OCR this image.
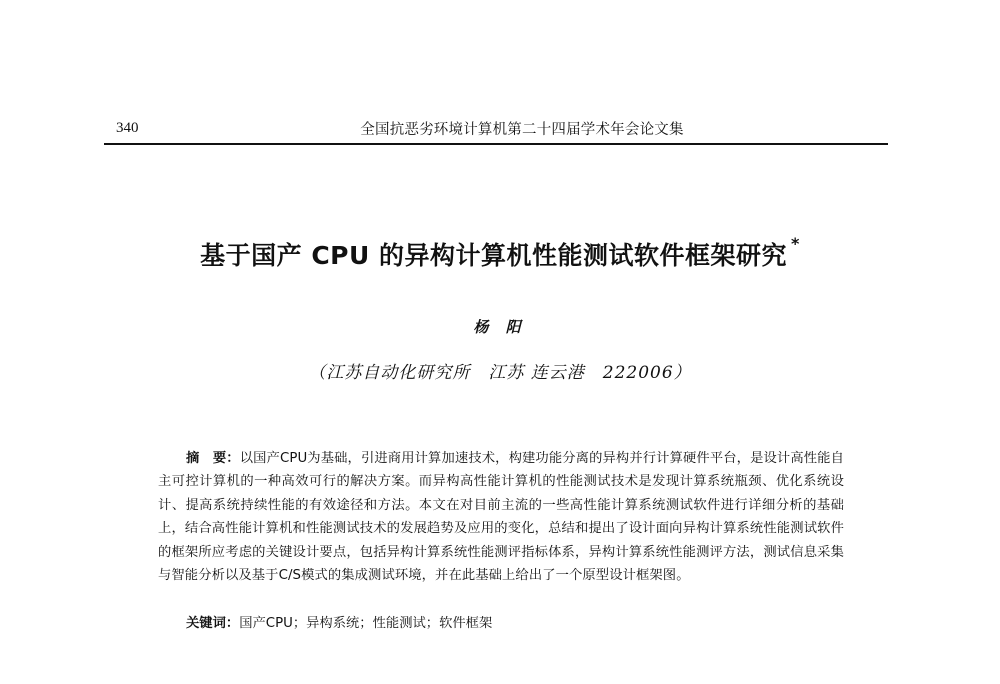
340	全国抗恶劣环境计算机第二十四届学术年会论文集
基于国产 CPU 的异构计算机性能测试软件框架研究 *
杨 阳
（江苏自动化研究所　江苏 连云港　222006）
摘　要：以国产CPU为基础，引进商用计算加速技术，构建功能分离的异构并行计算硬件平台，是设计高性能自主可控计算机的一种高效可行的解决方案。而异构高性能计算机的性能测试技术是发现计算系统瓶颈、优化系统设计、提高系统持续性能的有效途径和方法。本文在对目前主流的一些高性能计算系统测试软件进行详细分析的基础上，结合高性能计算机和性能测试技术的发展趋势及应用的变化，总结和提出了设计面向异构计算系统性能测试软件的框架所应考虑的关键设计要点，包括异构计算系统性能测评指标体系，异构计算系统性能测评方法，测试信息采集与智能分析以及基于C/S模式的集成测试环境，并在此基础上给出了一个原型设计框架图。
关键词：国产CPU；异构系统；性能测试；软件框架
